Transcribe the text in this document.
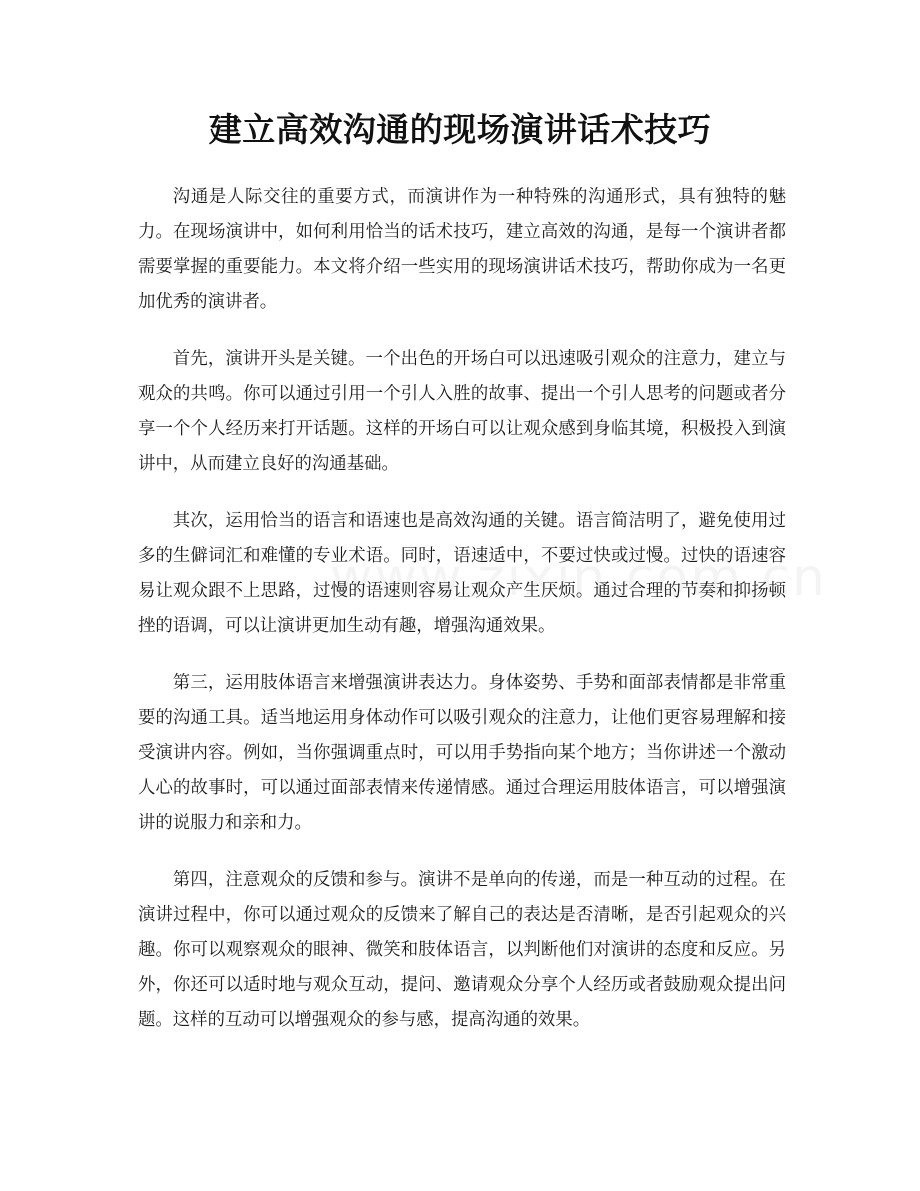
建立高效沟通的现场演讲话术技巧

沟通是人际交往的重要方式，而演讲作为一种特殊的沟通形式，具有独特的魅力。在现场演讲中，如何利用恰当的话术技巧，建立高效的沟通，是每一个演讲者都需要掌握的重要能力。本文将介绍一些实用的现场演讲话术技巧，帮助你成为一名更加优秀的演讲者。

首先，演讲开头是关键。一个出色的开场白可以迅速吸引观众的注意力，建立与观众的共鸣。你可以通过引用一个引人入胜的故事、提出一个引人思考的问题或者分享一个个人经历来打开话题。这样的开场白可以让观众感到身临其境，积极投入到演讲中，从而建立良好的沟通基础。

其次，运用恰当的语言和语速也是高效沟通的关键。语言简洁明了，避免使用过多的生僻词汇和难懂的专业术语。同时，语速适中，不要过快或过慢。过快的语速容易让观众跟不上思路，过慢的语速则容易让观众产生厌烦。通过合理的节奏和抑扬顿挫的语调，可以让演讲更加生动有趣，增强沟通效果。

第三，运用肢体语言来增强演讲表达力。身体姿势、手势和面部表情都是非常重要的沟通工具。适当地运用身体动作可以吸引观众的注意力，让他们更容易理解和接受演讲内容。例如，当你强调重点时，可以用手势指向某个地方；当你讲述一个激动人心的故事时，可以通过面部表情来传递情感。通过合理运用肢体语言，可以增强演讲的说服力和亲和力。

第四，注意观众的反馈和参与。演讲不是单向的传递，而是一种互动的过程。在演讲过程中，你可以通过观众的反馈来了解自己的表达是否清晰，是否引起观众的兴趣。你可以观察观众的眼神、微笑和肢体语言，以判断他们对演讲的态度和反应。另外，你还可以适时地与观众互动，提问、邀请观众分享个人经历或者鼓励观众提出问题。这样的互动可以增强观众的参与感，提高沟通的效果。
